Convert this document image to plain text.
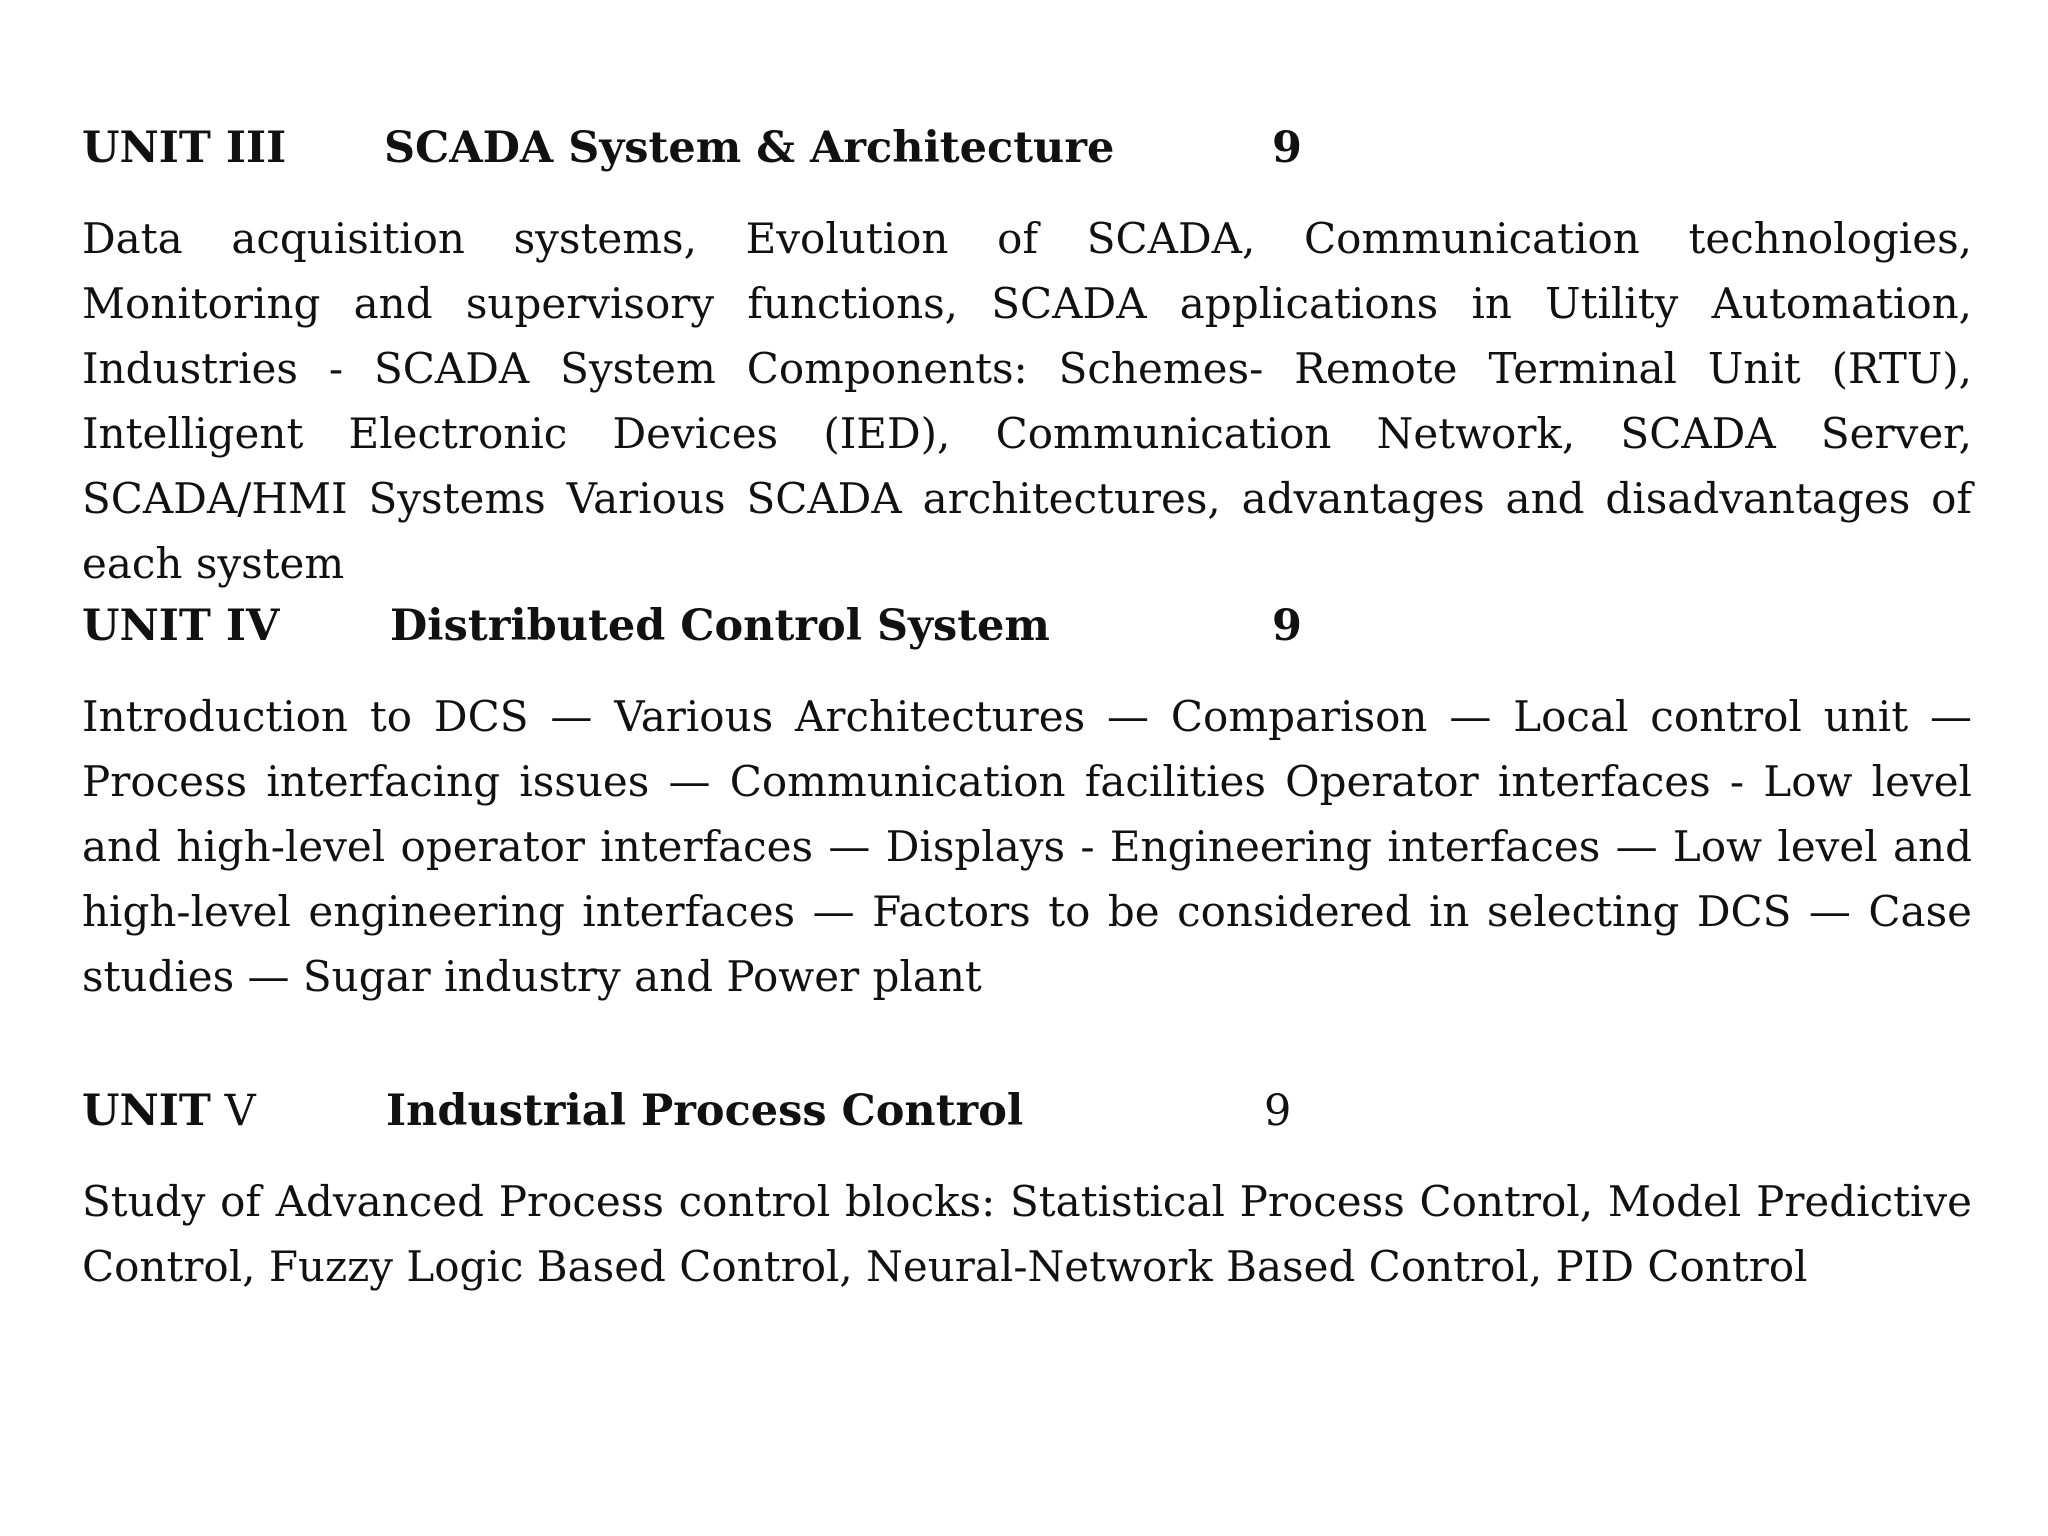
UNIT III SCADA System & Architecture	9

Data acquisition systems, Evolution of SCADA, Communication technologies, Monitoring and supervisory functions, SCADA applications in Utility Automation, Industries - SCADA System Components: Schemes- Remote Terminal Unit (RTU), Intelligent Electronic Devices (IED), Communication Network, SCADA Server, SCADA/HMI Systems Various SCADA architectures, advantages and disadvantages of each system

UNIT IV	Distributed Control System	9

Introduction to DCS — Various Architectures — Comparison — Local control unit — Process interfacing issues — Communication facilities Operator interfaces - Low level and high-level operator interfaces — Displays - Engineering interfaces — Low level and high-level engineering interfaces — Factors to be considered in selecting DCS — Case studies — Sugar industry and Power plant

UNIT V	Industrial Process Control	9

Study of Advanced Process control blocks: Statistical Process Control, Model Predictive Control, Fuzzy Logic Based Control, Neural-Network Based Control, PID Control
